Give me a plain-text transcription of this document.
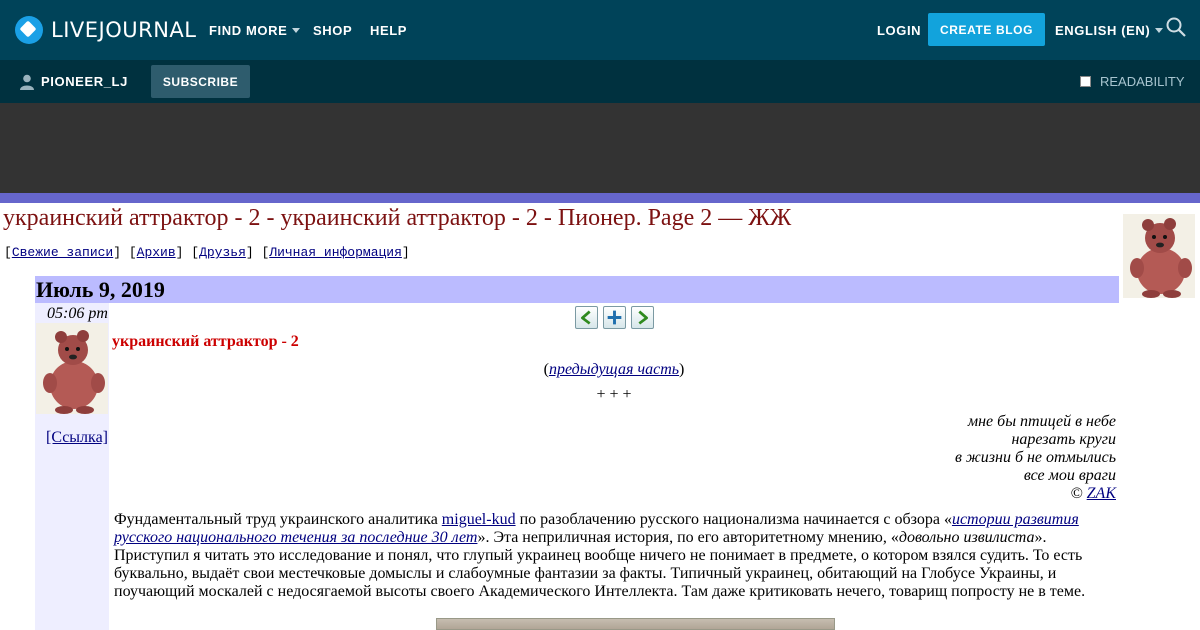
LIVEJOURNAL FIND MORE SHOP HELP	LOGIN	CREATE BLOG	ENGLISH (EN)
PIONEER_LJ	SUBSCRIBE	READABILITY
украинский аттрактор - 2 - украинский аттрактор - 2 - Пионер. Page 2 — ЖЖ
[Свежие записи] [Архив] [Друзья] [Личная информация]
Июль 9, 2019
05:06 pm
[Ссылка]
украинский аттрактор - 2
(предыдущая часть)
+ + +
мне бы птицей в небе
нарезать круги
в жизни б не отмылись
все мои враги
© ZAK
Фундаментальный труд украинского аналитика miguel-kud по разоблачению русского национализма начинается с обзора «истории развития русского национального течения за последние 30 лет». Эта неприличная история, по его авторитетному мнению, «довольно извилиста». Приступил я читать это исследование и понял, что глупый украинец вообще ничего не понимает в предмете, о котором взялся судить. То есть буквально, выдаёт свои местечковые домыслы и слабоумные фантазии за факты. Типичный украинец, обитающий на Глобусе Украины, и поучающий москалей с недосягаемой высоты своего Академического Интеллекта. Там даже критиковать нечего, товарищ попросту не в теме.
